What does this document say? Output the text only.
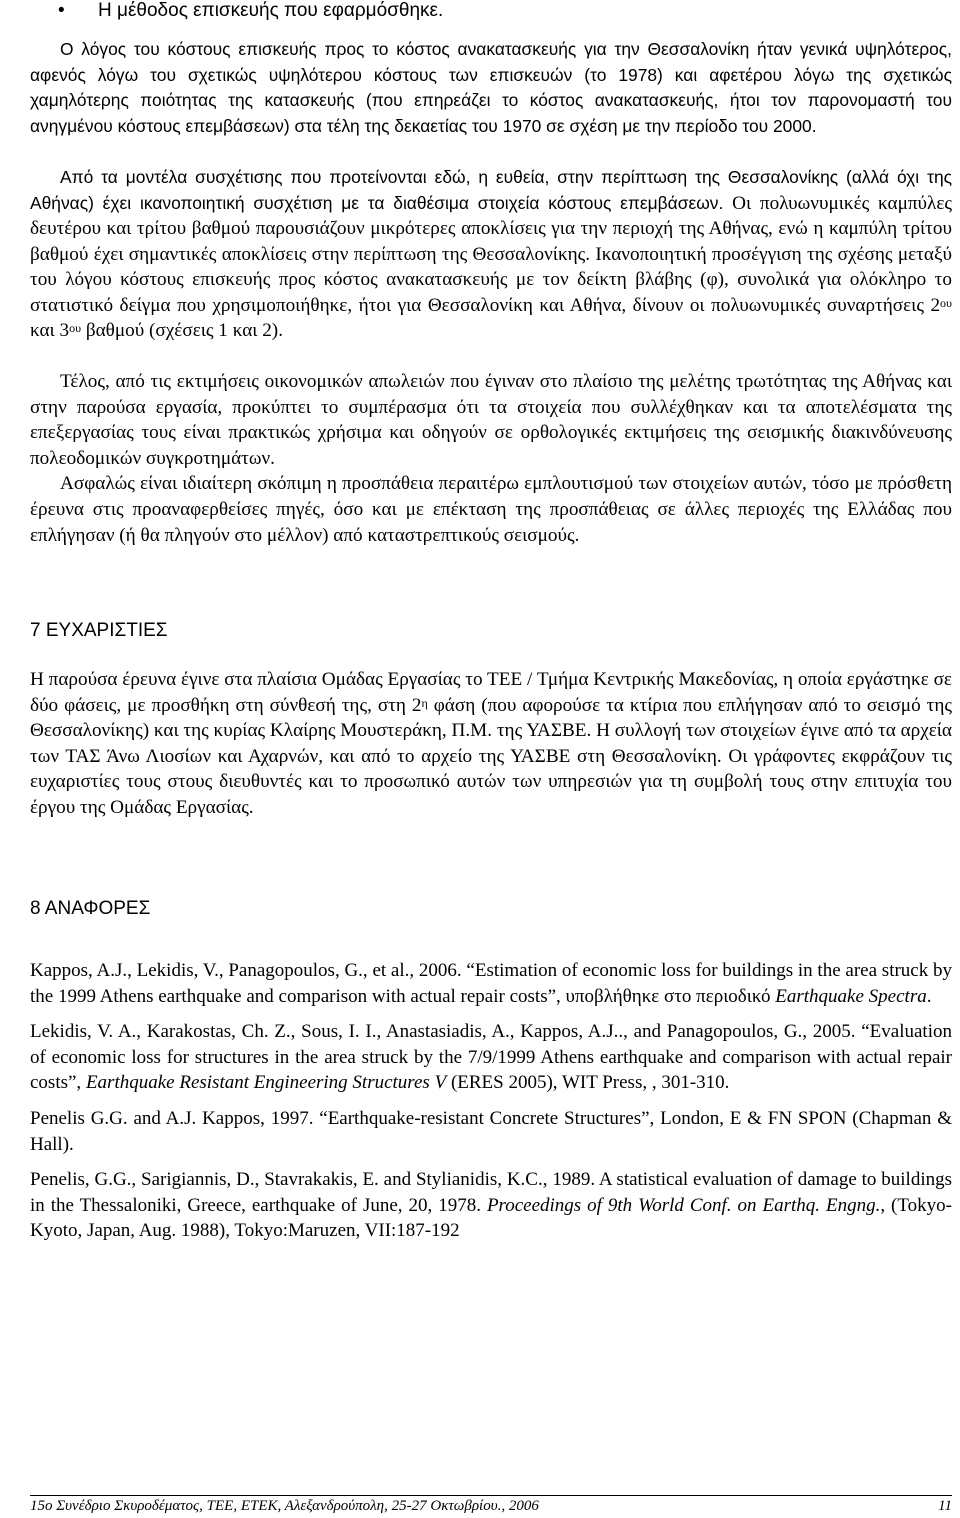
• Η μέθοδος επισκευής που εφαρμόσθηκε.

Ο λόγος του κόστους επισκευής προς το κόστος ανακατασκευής για την Θεσσαλονίκη ήταν γενικά υψηλότερος, αφενός λόγω του σχετικώς υψηλότερου κόστους των επισκευών (το 1978) και αφετέρου λόγω της σχετικώς χαμηλότερης ποιότητας της κατασκευής (που επηρεάζει το κόστος ανακατασκευής, ήτοι τον παρονομαστή του ανηγμένου κόστους επεμβάσεων) στα τέλη της δεκαετίας του 1970 σε σχέση με την περίοδο του 2000.

Από τα μοντέλα συσχέτισης που προτείνονται εδώ, η ευθεία, στην περίπτωση της Θεσσαλονίκης (αλλά όχι της Αθήνας) έχει ικανοποιητική συσχέτιση με τα διαθέσιμα στοιχεία κόστους επεμβάσεων. Οι πολυωνυμικές καμπύλες δευτέρου και τρίτου βαθμού παρουσιάζουν μικρότερες αποκλίσεις για την περιοχή της Αθήνας, ενώ η καμπύλη τρίτου βαθμού έχει σημαντικές αποκλίσεις στην περίπτωση της Θεσσαλονίκης. Ικανοποιητική προσέγγιση της σχέσης μεταξύ του λόγου κόστους επισκευής προς κόστος ανακατασκευής με τον δείκτη βλάβης (φ), συνολικά για ολόκληρο το στατιστικό δείγμα που χρησιμοποιήθηκε, ήτοι για Θεσσαλονίκη και Αθήνα, δίνουν οι πολυωνυμικές συναρτήσεις $2^{o\upsilon}$ και $3^{o\upsilon}$ βαθμού (σχέσεις 1 και 2).

Τέλος, από τις εκτιμήσεις οικονομικών απωλειών που έγιναν στο πλαίσιο της μελέτης τρωτότητας της Αθήνας και στην παρούσα εργασία, προκύπτει το συμπέρασμα ότι τα στοιχεία που συλλέχθηκαν και τα αποτελέσματα της επεξεργασίας τους είναι πρακτικώς χρήσιμα και οδηγούν σε ορθολογικές εκτιμήσεις της σεισμικής διακινδύνευσης πολεοδομικών συγκροτημάτων.

Ασφαλώς είναι ιδιαίτερη σκόπιμη η προσπάθεια περαιτέρω εμπλουτισμού των στοιχείων αυτών, τόσο με πρόσθετη έρευνα στις προαναφερθείσες πηγές, όσο και με επέκταση της προσπάθειας σε άλλες περιοχές της Ελλάδας που επλήγησαν (ή θα πληγούν στο μέλλον) από καταστρεπτικούς σεισμούς.

7 ΕΥΧΑΡΙΣΤΙΕΣ

Η παρούσα έρευνα έγινε στα πλαίσια Ομάδας Εργασίας το ΤΕΕ / Τμήμα Κεντρικής Μακεδονίας, η οποία εργάστηκε σε δύο φάσεις, με προσθήκη στη σύνθεσή της, στη $2^\eta$ φάση (που αφορούσε τα κτίρια που επλήγησαν από το σεισμό της Θεσσαλονίκης) και της κυρίας Κλαίρης Μουστεράκη, Π.Μ. της ΥΑΣΒΕ. Η συλλογή των στοιχείων έγινε από τα αρχεία των ΤΑΣ Άνω Λιοσίων και Αχαρνών, και από το αρχείο της ΥΑΣΒΕ στη Θεσσαλονίκη. Οι γράφοντες εκφράζουν τις ευχαριστίες τους στους διευθυντές και το προσωπικό αυτών των υπηρεσιών για τη συμβολή τους στην επιτυχία του έργου της Ομάδας Εργασίας.

8 ΑΝΑΦΟΡΕΣ

Kappos, A.J., Lekidis, V., Panagopoulos, G., et al., 2006. “Estimation of economic loss for buildings in the area struck by the 1999 Athens earthquake and comparison with actual repair costs”, υποβλήθηκε στο περιοδικό Earthquake Spectra.

Lekidis, V. A., Karakostas, Ch. Z., Sous, I. I., Anastasiadis, A., Kappos, A.J.., and Panagopoulos, G., 2005. “Evaluation of economic loss for structures in the area struck by the 7/9/1999 Athens earthquake and comparison with actual repair costs”, Earthquake Resistant Engineering Structures V (ERES 2005), WIT Press, , 301-310.

Penelis G.G. and A.J. Kappos, 1997. “Earthquake-resistant Concrete Structures”, London, E & FN SPON (Chapman & Hall).

Penelis, G.G., Sarigiannis, D., Stavrakakis, E. and Stylianidis, K.C., 1989. A statistical evaluation of damage to buildings in the Thessaloniki, Greece, earthquake of June, 20, 1978. Proceedings of 9th World Conf. on Earthq. Engng., (Tokyo-Kyoto, Japan, Aug. 1988), Tokyo:Maruzen, VII:187-192

15ο Συνέδριο Σκυροδέματος, ΤΕΕ, ΕΤΕΚ, Αλεξανδρούπολη, 25-27 Οκτωβρίου., 2006	11
